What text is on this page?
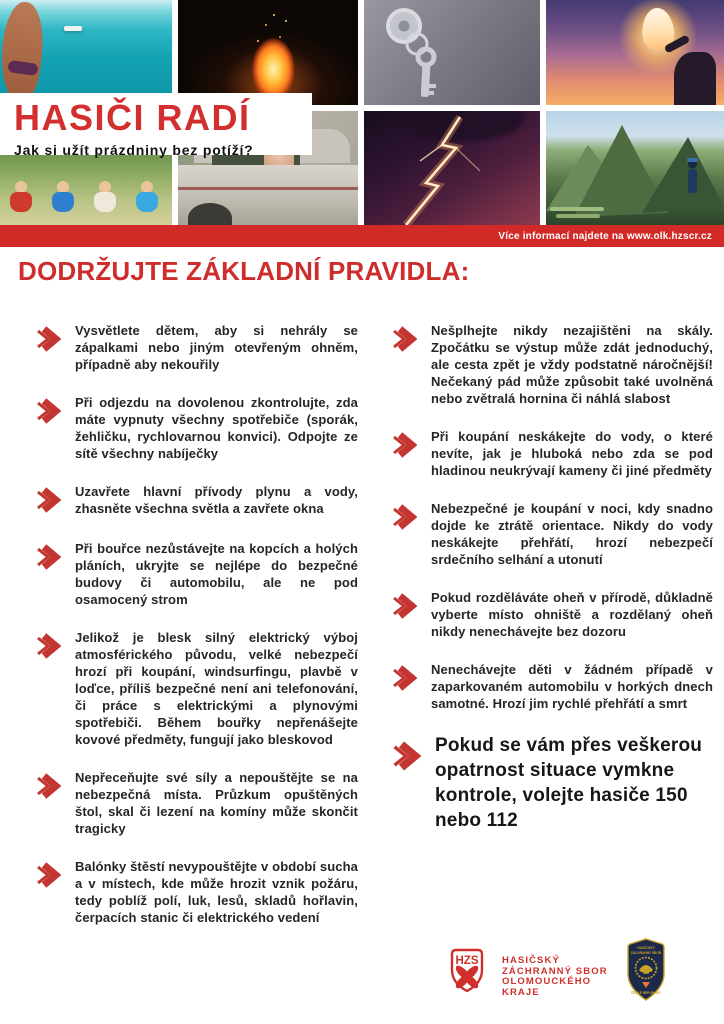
HASIČI RADÍ
Jak si užít prázdniny bez potíží?
Více informací najdete na www.olk.hzscr.cz
DODRŽUJTE ZÁKLADNÍ PRAVIDLA:

Vysvětlete dětem, aby si nehrály se zápalkami nebo jiným otevřeným ohněm, případně aby nekouřily

Při odjezdu na dovolenou zkontrolujte, zda máte vypnuty všechny spotřebiče (sporák, žehličku, rychlovarnou konvici). Odpojte ze sítě všechny nabíječky

Uzavřete hlavní přívody plynu a vody, zhasněte všechna světla a zavřete okna

Při bouřce nezůstávejte na kopcích a holých pláních, ukryjte se nejlépe do bezpečné budovy či automobilu, ale ne pod osamocený strom

Jelikož je blesk silný elektrický výboj atmosférického původu, velké nebezpečí hrozí při koupání, windsurfingu, plavbě v loďce, příliš bezpečné není ani telefonování, či práce s elektrickými a plynovými spotřebiči. Během bouřky nepřenášejte kovové předměty, fungují jako bleskovod

Nepřeceňujte své síly a nepouštějte se na nebezpečná místa. Průzkum opuštěných štol, skal či lezení na komíny může skončit tragicky

Balónky štěstí nevypouštějte v období sucha a v místech, kde může hrozit vznik požáru, tedy poblíž polí, luk, lesů, skladů hořlavin, čerpacích stanic či elektrického vedení

Nešplhejte nikdy nezajištěni na skály. Zpočátku se výstup může zdát jednoduchý, ale cesta zpět je vždy podstatně náročnější! Nečekaný pád může způsobit také uvolněná nebo zvětralá hornina či náhlá slabost

Při koupání neskákejte do vody, o které nevíte, jak je hluboká nebo zda se pod hladinou neukrývají kameny či jiné předměty

Nebezpečné je koupání v noci, kdy snadno dojde ke ztrátě orientace. Nikdy do vody neskákejte přehřátí, hrozí nebezpečí srdečního selhání a utonutí

Pokud rozděláváte oheň v přírodě, důkladně vyberte místo ohniště a rozdělaný oheň nikdy nenechávejte bez dozoru

Nenechávejte děti v žádném případě v zaparkovaném automobilu v horkých dnech samotné. Hrozí jim rychlé přehřátí a smrt

Pokud se vám přes veškerou opatrnost situace vymkne kontrole, volejte hasiče 150 nebo 112

HZS HASIČSKÝ
ZÁCHRANNÝ SBOR
OLOMOUCKÉHO
KRAJE
HASIČSKÝ
ZÁCHRANNÝ SBOR
ČESKÉ REPUBLIKY
